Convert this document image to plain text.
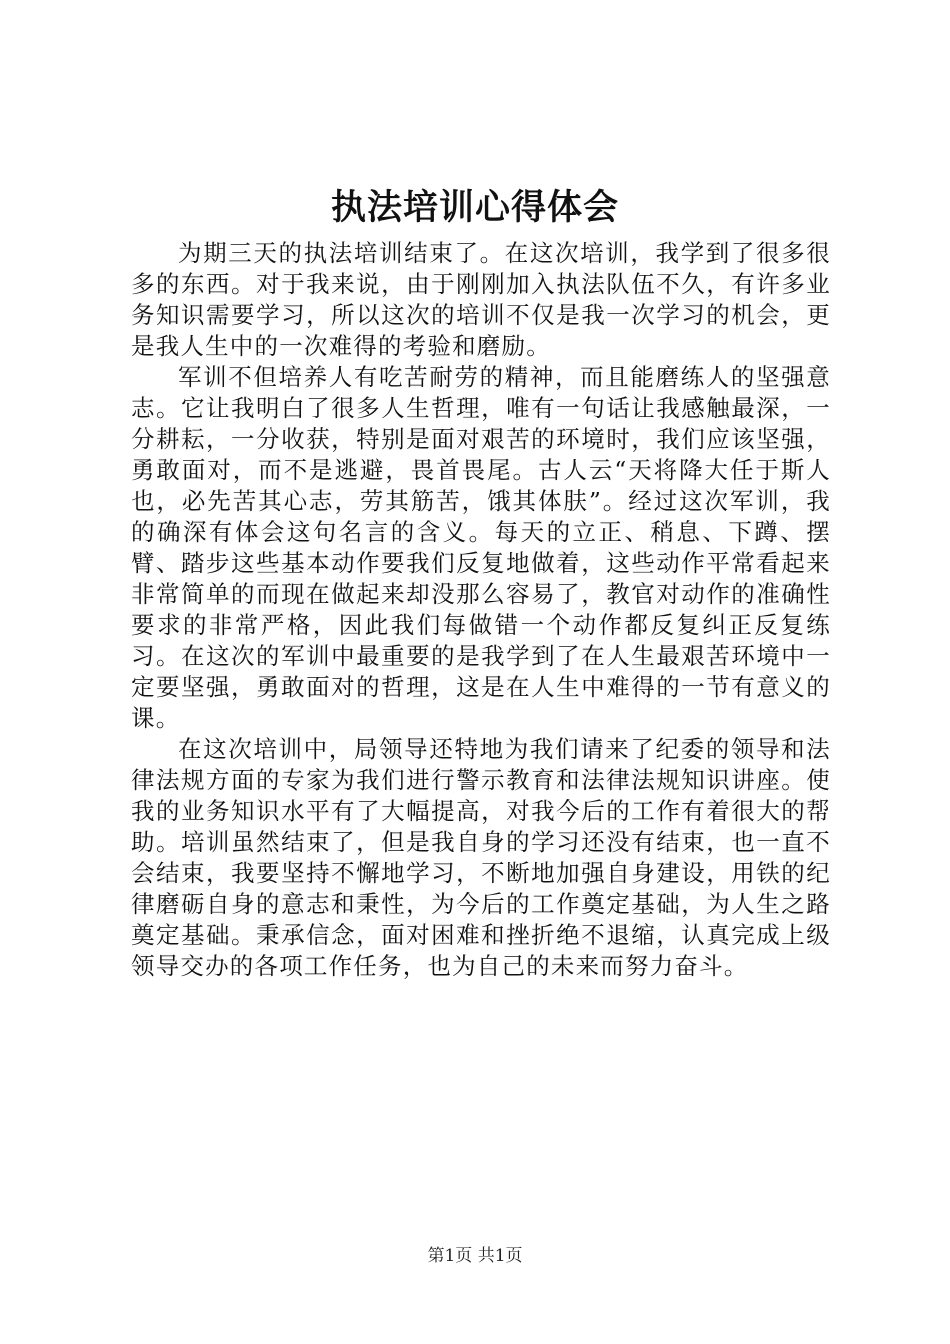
执法培训心得体会

为期三天的执法培训结束了。在这次培训，我学到了很多很多的东西。对于我来说，由于刚刚加入执法队伍不久，有许多业务知识需要学习，所以这次的培训不仅是我一次学习的机会，更是我人生中的一次难得的考验和磨励。

军训不但培养人有吃苦耐劳的精神，而且能磨练人的坚强意志。它让我明白了很多人生哲理，唯有一句话让我感触最深，一分耕耘，一分收获，特别是面对艰苦的环境时，我们应该坚强，勇敢面对，而不是逃避，畏首畏尾。古人云“天将降大任于斯人也，必先苦其心志，劳其筋苦，饿其体肤”。经过这次军训，我的确深有体会这句名言的含义。每天的立正、稍息、下蹲、摆臂、踏步这些基本动作要我们反复地做着，这些动作平常看起来非常简单的而现在做起来却没那么容易了，教官对动作的准确性要求的非常严格，因此我们每做错一个动作都反复纠正反复练习。在这次的军训中最重要的是我学到了在人生最艰苦环境中一定要坚强，勇敢面对的哲理，这是在人生中难得的一节有意义的课。

在这次培训中，局领导还特地为我们请来了纪委的领导和法律法规方面的专家为我们进行警示教育和法律法规知识讲座。使我的业务知识水平有了大幅提高，对我今后的工作有着很大的帮助。培训虽然结束了，但是我自身的学习还没有结束，也一直不会结束，我要坚持不懈地学习，不断地加强自身建设，用铁的纪律磨砺自身的意志和秉性，为今后的工作奠定基础，为人生之路奠定基础。秉承信念，面对困难和挫折绝不退缩，认真完成上级领导交办的各项工作任务，也为自己的未来而努力奋斗。

第1页 共1页
